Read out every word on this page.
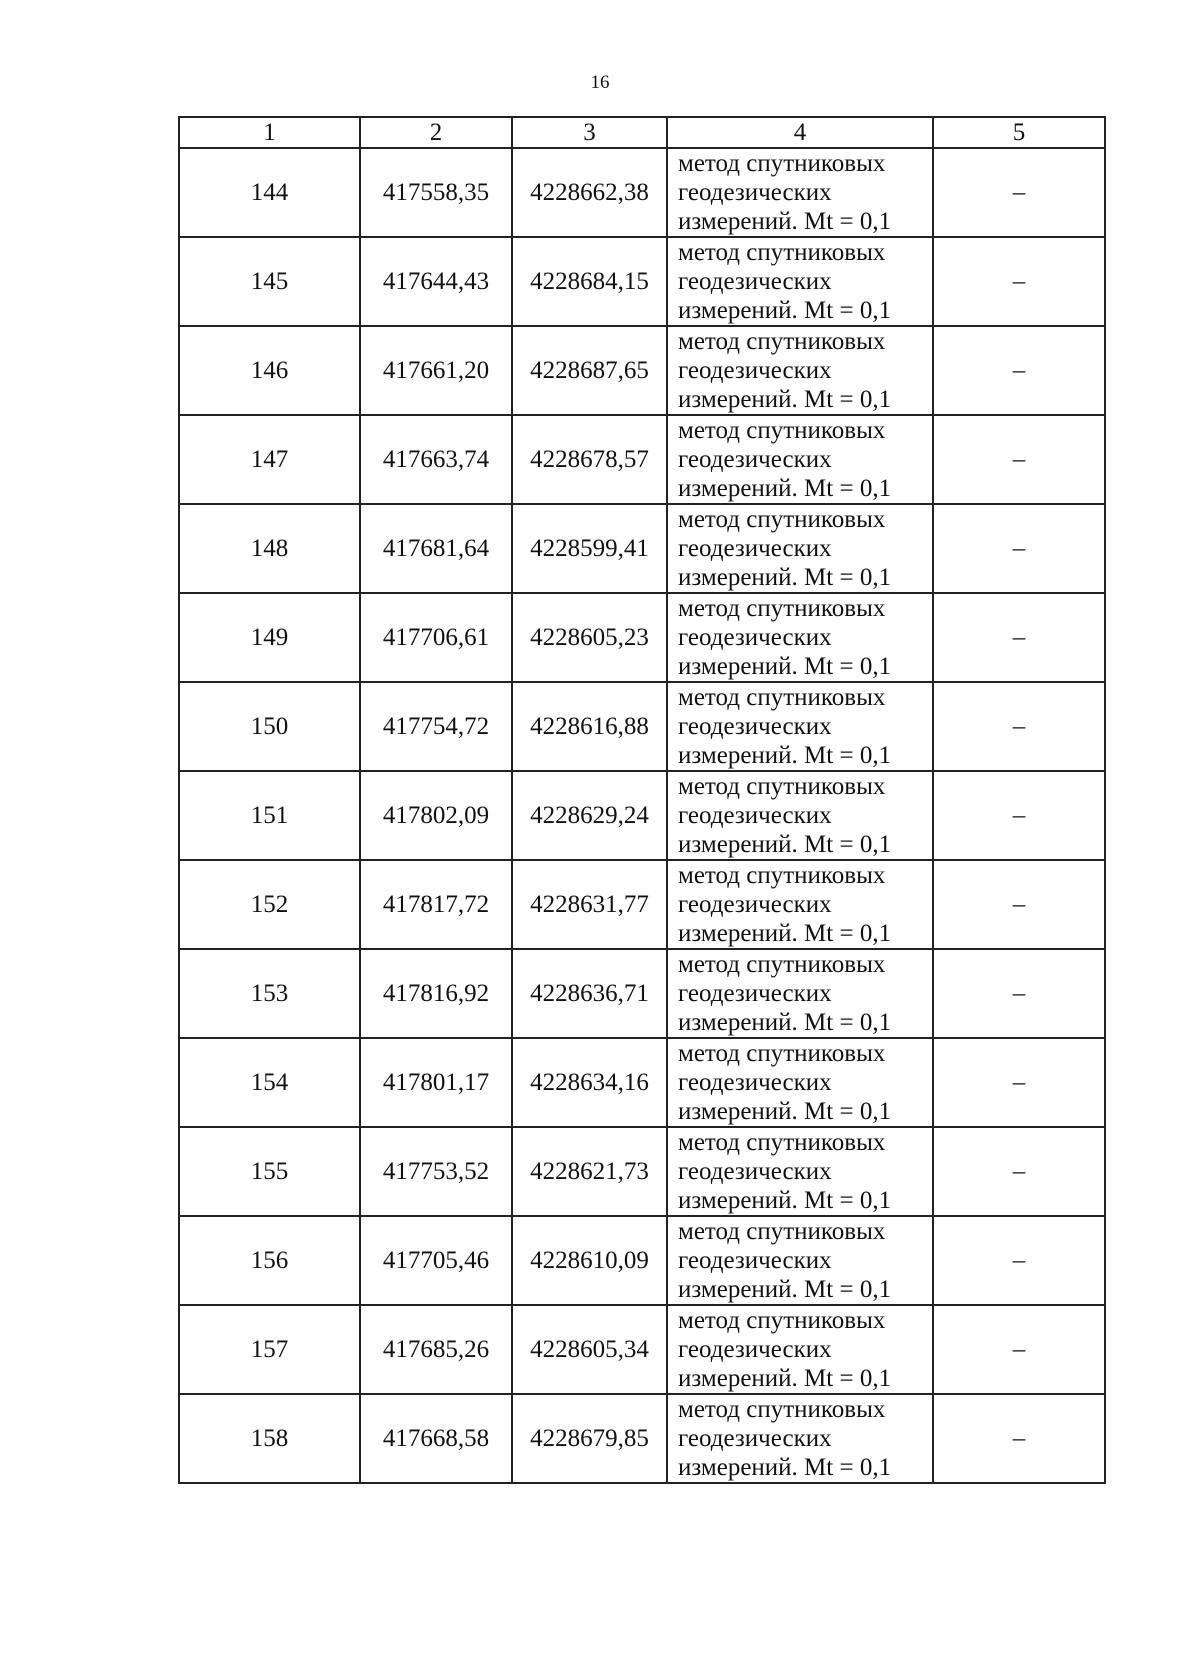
16
1	2	3	4	5
144	417558,35	4228662,38	метод спутниковых
геодезических
измерений. Mt = 0,1	–
145	417644,43	4228684,15	метод спутниковых
геодезических
измерений. Mt = 0,1	–
146	417661,20	4228687,65	метод спутниковых
геодезических
измерений. Mt = 0,1	–
147	417663,74	4228678,57	метод спутниковых
геодезических
измерений. Mt = 0,1	–
148	417681,64	4228599,41	метод спутниковых
геодезических
измерений. Mt = 0,1	–
149	417706,61	4228605,23	метод спутниковых
геодезических
измерений. Mt = 0,1	–
150	417754,72	4228616,88	метод спутниковых
геодезических
измерений. Mt = 0,1	–
151	417802,09	4228629,24	метод спутниковых
геодезических
измерений. Mt = 0,1	–
152	417817,72	4228631,77	метод спутниковых
геодезических
измерений. Mt = 0,1	–
153	417816,92	4228636,71	метод спутниковых
геодезических
измерений. Mt = 0,1	–
154	417801,17	4228634,16	метод спутниковых
геодезических
измерений. Mt = 0,1	–
155	417753,52	4228621,73	метод спутниковых
геодезических
измерений. Mt = 0,1	–
156	417705,46	4228610,09	метод спутниковых
геодезических
измерений. Mt = 0,1	–
157	417685,26	4228605,34	метод спутниковых
геодезических
измерений. Mt = 0,1	–
158	417668,58	4228679,85	метод спутниковых
геодезических
измерений. Mt = 0,1	–
